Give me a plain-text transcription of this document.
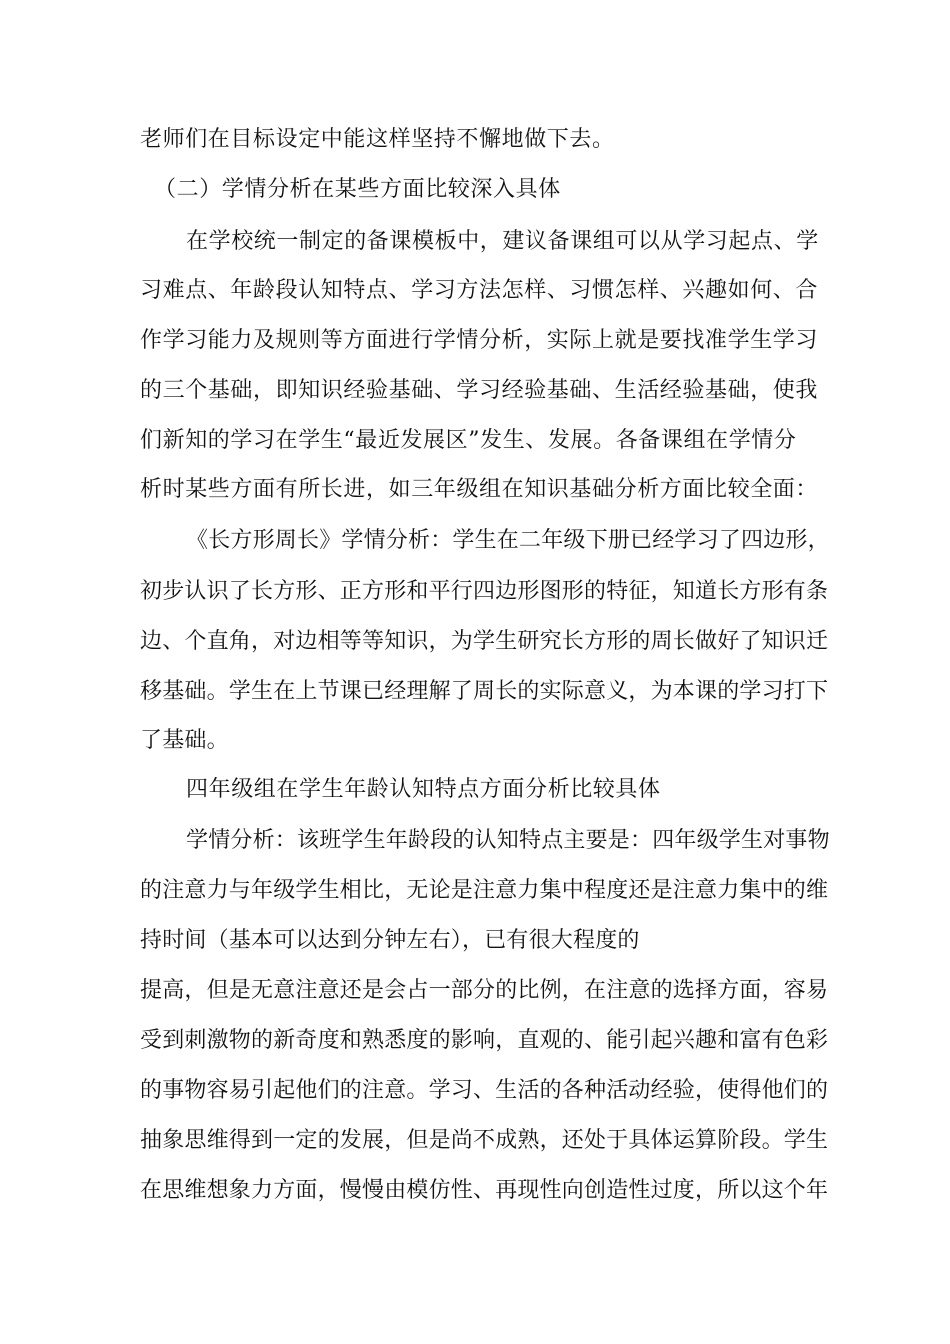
老师们在目标设定中能这样坚持不懈地做下去。
（二）学情分析在某些方面比较深入具体
在学校统一制定的备课模板中，建议备课组可以从学习起点、学
习难点、年龄段认知特点、学习方法怎样、习惯怎样、兴趣如何、合
作学习能力及规则等方面进行学情分析，实际上就是要找准学生学习
的三个基础，即知识经验基础、学习经验基础、生活经验基础，使我
们新知的学习在学生“最近发展区”发生、发展。各备课组在学情分
析时某些方面有所长进，如三年级组在知识基础分析方面比较全面：
《长方形周长》学情分析：学生在二年级下册已经学习了四边形，
初步认识了长方形、正方形和平行四边形图形的特征，知道长方形有条
边、个直角，对边相等等知识，为学生研究长方形的周长做好了知识迁
移基础。学生在上节课已经理解了周长的实际意义，为本课的学习打下
了基础。
四年级组在学生年龄认知特点方面分析比较具体
学情分析：该班学生年龄段的认知特点主要是：四年级学生对事物
的注意力与年级学生相比，无论是注意力集中程度还是注意力集中的维
持时间（基本可以达到分钟左右），已有很大程度的
提高，但是无意注意还是会占一部分的比例，在注意的选择方面，容易
受到刺激物的新奇度和熟悉度的影响，直观的、能引起兴趣和富有色彩
的事物容易引起他们的注意。学习、生活的各种活动经验，使得他们的
抽象思维得到一定的发展，但是尚不成熟，还处于具体运算阶段。学生
在思维想象力方面，慢慢由模仿性、再现性向创造性过度，所以这个年
